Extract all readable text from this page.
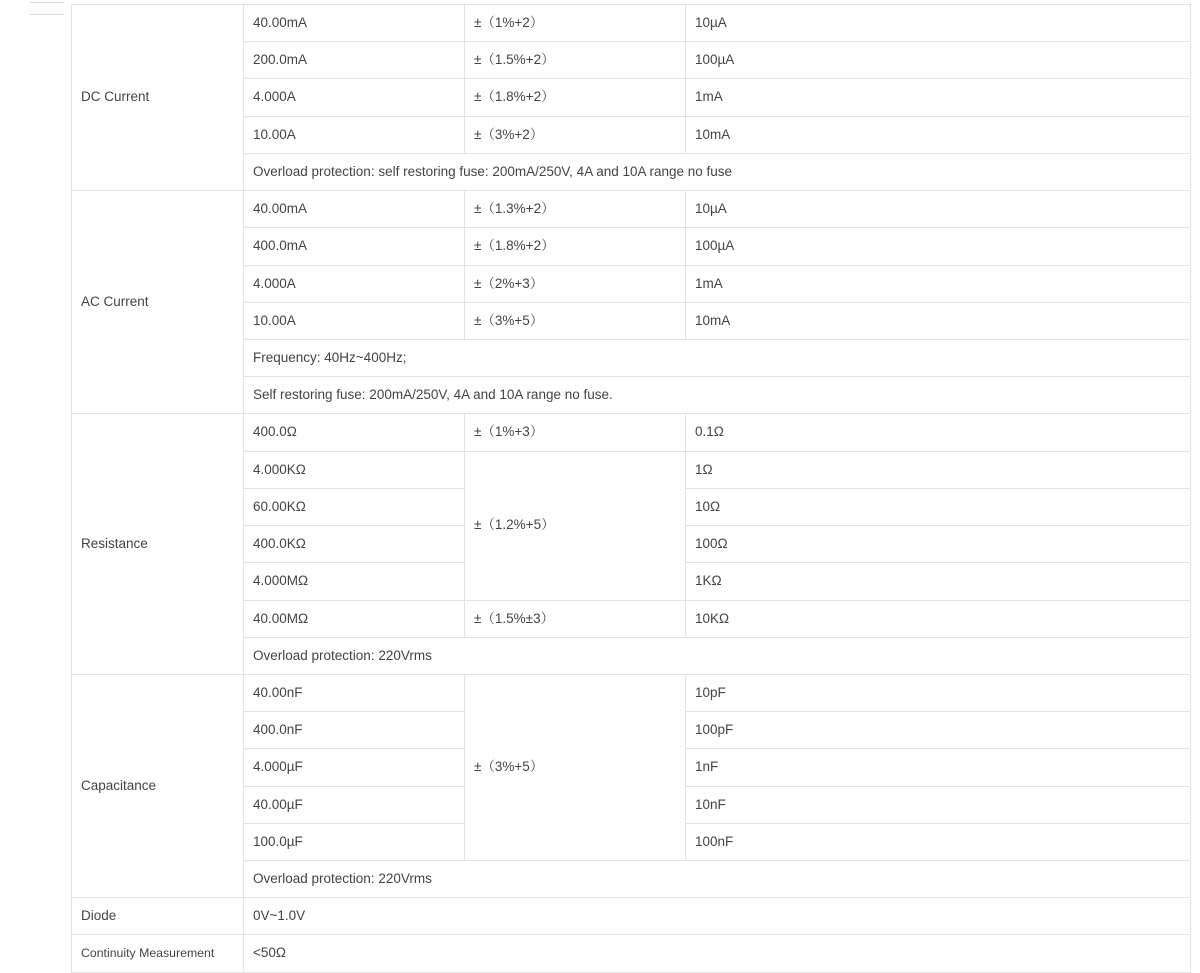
DC Current	40.00mA	±（1%+2）	10µA
	200.0mA	±（1.5%+2）	100µA
	4.000A	±（1.8%+2）	1mA
	10.00A	±（3%+2）	10mA
	Overload protection: self restoring fuse: 200mA/250V, 4A and 10A range no fuse		
AC Current	40.00mA	±（1.3%+2）	10µA
	400.0mA	±（1.8%+2）	100µA
	4.000A	±（2%+3）	1mA
	10.00A	±（3%+5）	10mA
	Frequency: 40Hz~400Hz;		
	Self restoring fuse: 200mA/250V, 4A and 10A range no fuse.		
Resistance	400.0Ω	±（1%+3）	0.1Ω
	4.000KΩ	±（1.2%+5）	1Ω
	60.00KΩ		10Ω
	400.0KΩ		100Ω
	4.000MΩ		1KΩ
	40.00MΩ	±（1.5%±3）	10KΩ
	Overload protection: 220Vrms		
Capacitance	40.00nF	±（3%+5）	10pF
	400.0nF		100pF
	4.000µF		1nF
	40.00µF		10nF
	100.0µF		100nF
	Overload protection: 220Vrms		
Diode	0V~1.0V		
Continuity Measurement	<50Ω		
